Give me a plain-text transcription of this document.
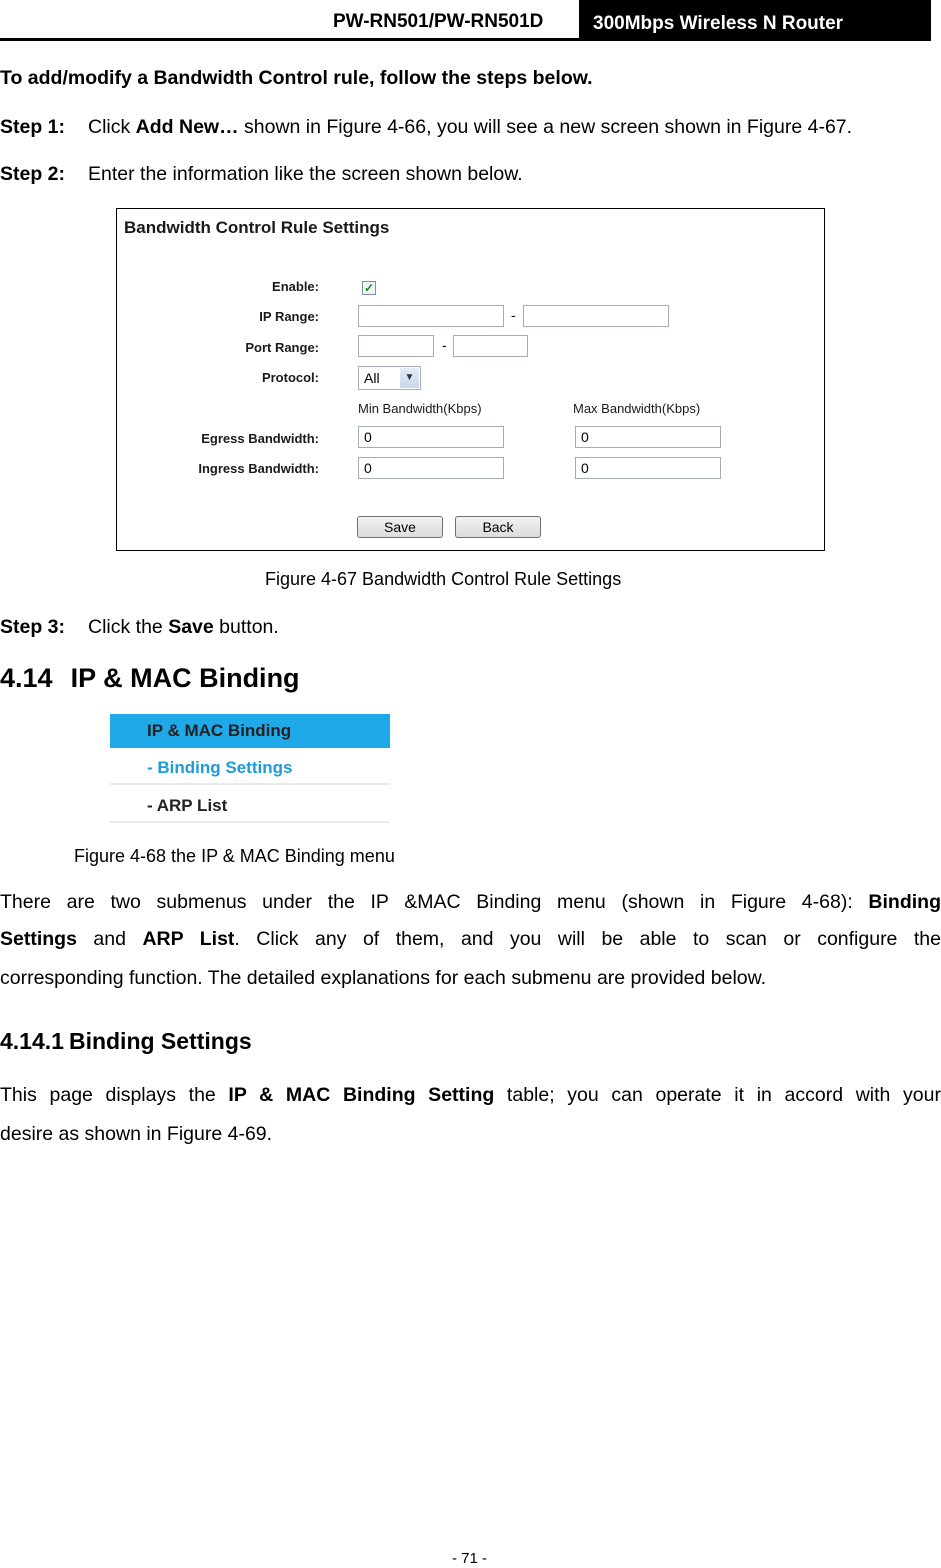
PW-RN501/PW-RN501D	300Mbps Wireless N Router
To add/modify a Bandwidth Control rule, follow the steps below.
Step 1: Click Add New… shown in Figure 4-66, you will see a new screen shown in Figure 4-67.
Step 2: Enter the information like the screen shown below.
Bandwidth Control Rule Settings
Enable:	✓
IP Range:	-
Port Range:	-
Protocol:	All	▼
Min Bandwidth(Kbps)	Max Bandwidth(Kbps)
Egress Bandwidth:	0	0
Ingress Bandwidth:	0	0
Save	Back
Figure 4-67 Bandwidth Control Rule Settings
Step 3: Click the Save button.
4.14 IP & MAC Binding
IP & MAC Binding
- Binding Settings
- ARP List
Figure 4-68 the IP & MAC Binding menu
There are two submenus under the IP &MAC Binding menu (shown in Figure 4-68): Binding
Settings and ARP List. Click any of them, and you will be able to scan or configure the
corresponding function. The detailed explanations for each submenu are provided below.
4.14.1 Binding Settings
This page displays the IP & MAC Binding Setting table; you can operate it in accord with your
desire as shown in Figure 4-69.
- 71 -
